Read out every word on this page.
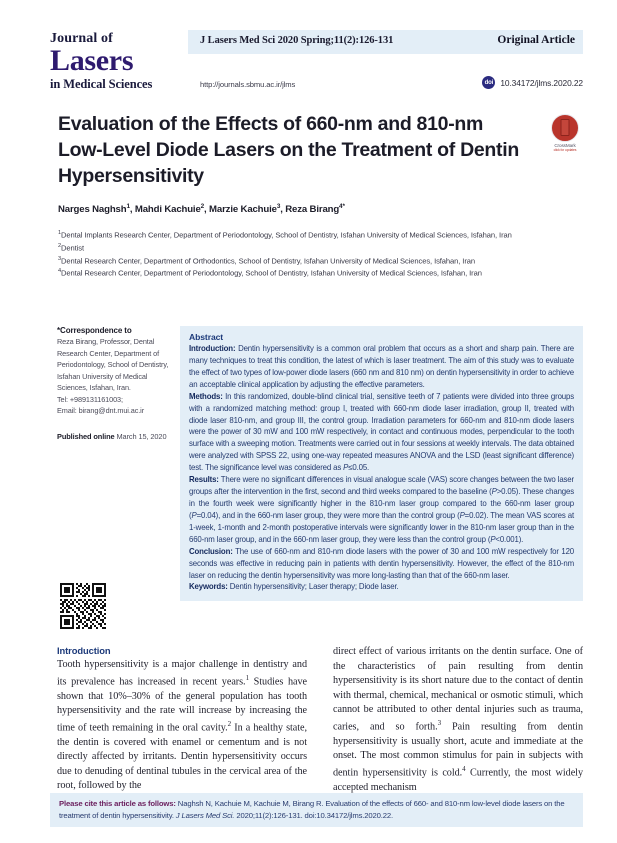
Journal of
Lasers
in Medical Sciences
J Lasers Med Sci 2020 Spring;11(2):126-131	Original Article
http://journals.sbmu.ac.ir/jlms	doi 10.34172/jlms.2020.22
Evaluation of the Effects of 660-nm and 810-nm Low-Level Diode Lasers on the Treatment of Dentin Hypersensitivity
CrossMark
click for updates
Narges Naghsh$^1$, Mahdi Kachuie$^2$, Marzie Kachuie$^3$, Reza Birang$^{4*}$

$^1$Dental Implants Research Center, Department of Periodontology, School of Dentistry, Isfahan University of Medical Sciences, Isfahan, Iran

$^2$Dentist

$^3$Dental Research Center, Department of Orthodontics, School of Dentistry, Isfahan University of Medical Sciences, Isfahan, Iran

$^4$Dental Research Center, Department of Periodontology, School of Dentistry, Isfahan University of Medical Sciences, Isfahan, Iran

*Correspondence to
Reza Birang, Professor, Dental Research Center, Department of Periodontology, School of Dentistry, Isfahan University of Medical Sciences, Isfahan, Iran.
Tel: +989131161003;
Email: birang@dnt.mui.ac.ir
Published online March 15, 2020
Abstract

Introduction: Dentin hypersensitivity is a common oral problem that occurs as a short and sharp pain. There are many techniques to treat this condition, the latest of which is laser treatment. The aim of this study was to evaluate the effect of two types of low-power diode lasers (660 nm and 810 nm) on dentin hypersensitivity in order to achieve an acceptable clinical application by adjusting the effective parameters.

Methods: In this randomized, double-blind clinical trial, sensitive teeth of 7 patients were divided into three groups with a randomized matching method: group I, treated with 660-nm diode laser irradiation, group II, treated with diode laser 810-nm, and group III, the control group. Irradiation parameters for 660-nm and 810-nm diode lasers were the power of 30 mW and 100 mW respectively, in contact and continuous modes, perpendicular to the tooth surface with a sweeping motion. Treatments were carried out in four sessions at weekly intervals. The data obtained were analyzed with SPSS 22, using one-way repeated measures ANOVA and the LSD (least significant difference) test. The significance level was considered as P≤0.05.

Results: There were no significant differences in visual analogue scale (VAS) score changes between the two laser groups after the intervention in the first, second and third weeks compared to the baseline (P>0.05). These changes in the fourth week were significantly higher in the 810-nm laser group compared to the 660-nm laser group (P=0.04), and in the 660-nm laser group, they were more than the control group (P=0.02). The mean VAS scores at 1-week, 1-month and 2-month postoperative intervals were significantly lower in the 810-nm laser group than in the 660-nm laser group, and in the 660-nm laser group, they were less than the control group (P<0.001).

Conclusion: The use of 660-nm and 810-nm diode lasers with the power of 30 and 100 mW respectively for 120 seconds was effective in reducing pain in patients with dentin hypersensitivity. However, the effect of the 810-nm laser on reducing the dentin hypersensitivity was more long-lasting than that of the 660-nm laser.

Keywords: Dentin hypersensitivity; Laser therapy; Diode laser.

Introduction

Tooth hypersensitivity is a major challenge in dentistry and its prevalence has increased in recent years.$^1$ Studies have shown that 10%–30% of the general population has tooth hypersensitivity and the rate will increase by increasing the time of teeth remaining in the oral cavity.$^2$ In a healthy state, the dentin is covered with enamel or cementum and is not directly affected by irritants. Dentin hypersensitivity occurs due to denuding of dentinal tubules in the cervical area of the root, followed by the

direct effect of various irritants on the dentin surface. One of the characteristics of pain resulting from dentin hypersensitivity is its short nature due to the contact of dentin with thermal, chemical, mechanical or osmotic stimuli, which cannot be attributed to other dental injuries such as trauma, caries, and so forth.$^3$ Pain resulting from dentin hypersensitivity is usually short, acute and immediate at the onset. The most common stimulus for pain in subjects with dentin hypersensitivity is cold.$^4$ Currently, the most widely accepted mechanism

Please cite this article as follows: Naghsh N, Kachuie M, Kachuie M, Birang R. Evaluation of the effects of 660- and 810-nm low-level diode lasers on the treatment of dentin hypersensitivity. J Lasers Med Sci. 2020;11(2):126-131. doi:10.34172/jlms.2020.22.
